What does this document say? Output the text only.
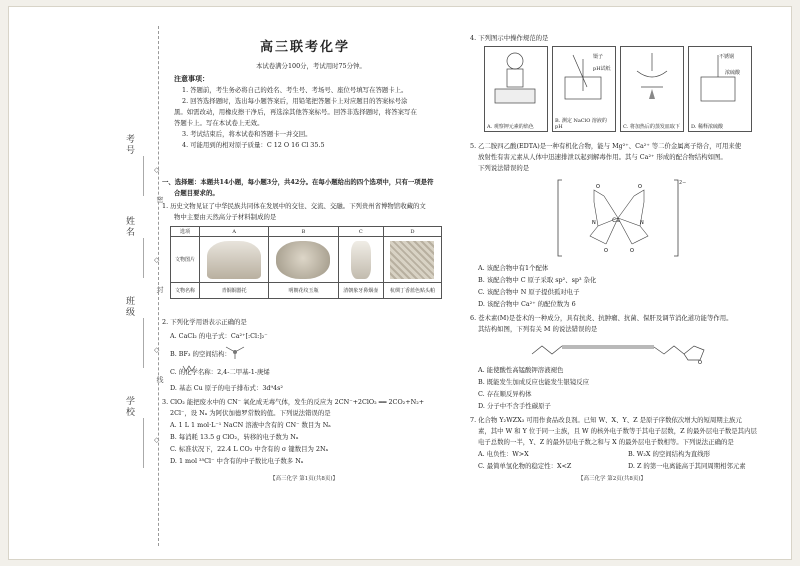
考号
姓名
班级
学校
◇
◇
◇
◇
密
封
线
高三联考化学
本试卷满分100分，考试用时75分钟。
注意事项：
1. 答题前，考生务必将自己的姓名、考生号、考场号、座位号填写在答题卡上。
2. 回答选择题时，选出每小题答案后，用铅笔把答题卡上对应题目的答案标号涂
黑。如需改动，用橡皮擦干净后，再选涂其他答案标号。回答非选择题时，将答案写在
答题卡上。写在本试卷上无效。
3. 考试结束后，将本试卷和答题卡一并交回。
4. 可能用到的相对原子质量：C 12 O 16 Cl 35.5
一、选择题：本题共14小题，每小题3分，共42分。在每小题给出的四个选项中，只有一项是符
合题目要求的。
1. 历史文物见证了中华民族共同体在发展中的交往、交流、交融。下列贵州省博物馆收藏的文
物中主要由天然高分子材料制成的是
选项	A	B	C	D
文物图片	

文物名称	青铜铜器托	明朝花纹玉瓶	清朝象牙鼻烟壶	杭绸丁香蓝色贴头帕
2. 下列化学用语表示正确的是
A. CaCl₂ 的电子式：Ca²⁺[:Cl:]₂⁻
B. BF₃ 的空间结构：
C. 的化学名称：2,4-二甲基-1-庚烯
D. 基态 Cu 原子的电子排布式：3d⁹4s²
3. ClO₂ 能把废水中的 CN⁻ 氧化成无毒气体，发生的反应为 2CN⁻+2ClO₂ ══ 2CO₂+N₂+
2Cl⁻，设 Nₐ 为阿伏加德罗常数的值。下列说法错误的是
A. 1 L 1 mol·L⁻¹ NaCN 溶液中含有的 CN⁻ 数目为 Nₐ
B. 每消耗 13.5 g ClO₂，转移的电子数为 Nₐ
C. 标准状况下，22.4 L CO₂ 中含有的 σ 键数目为 2Nₐ
D. 1 mol ³⁵Cl⁻ 中含有的中子数比电子数多 Nₐ
【高三化学 第1页(共8页)】
4. 下列图示中操作规范的是
A. 观察钾元素的焰色
镊子
pH试纸
B. 测定 NaClO 溶液的pH	C. 将加热后的蒸发皿取下
不锈钢
浓硫酸
D. 稀释浓硫酸
5. 乙二胺四乙酸(EDTA)是一种有机化合物，能与 Mg²⁺、Ca²⁺ 等二价金属离子络合，可用来使
放射性有害元素从人体中迅速排泄以起到解毒作用。其与 Ca²⁺ 形成的配合物结构如图。
下列说法错误的是
2−
Ca
O	O
N	N
O	O
A. 该配合物中有1个配体
B. 该配合物中 C 原子采取 sp²、sp³ 杂化
C. 该配合物中 N 原子提供孤对电子
D. 该配合物中 Ca²⁺ 的配位数为 6
6. 苍术素(M)是苍术的一种成分，具有抗炎、抗肿瘤、抗菌、保肝及调节消化道功能等作用。
其结构如图，下列有关 M 的说法错误的是
O
A. 能使酸性高锰酸钾溶液褪色
B. 既能发生加成反应也能发生银镜反应
C. 存在顺反异构体
D. 分子中不含手性碳原子
7. 化合物 Y₂WZX₃ 可用作食品改良剂。已知 W、X、Y、Z 是原子序数依次增大的短周期主族元
素，其中 W 和 Y 位于同一主族，且 W 的核外电子数等于其电子层数，Z 的最外层电子数是其内层
电子总数的一半，Y、Z 的最外层电子数之和与 X 的最外层电子数相等。下列说法正确的是
A. 电负性：W>X	B. W₂X 的空间结构为直线形
C. 最简单氢化物的稳定性：X<Z	D. Z 的第一电离能高于其同周期相邻元素
【高三化学 第2页(共8页)】
